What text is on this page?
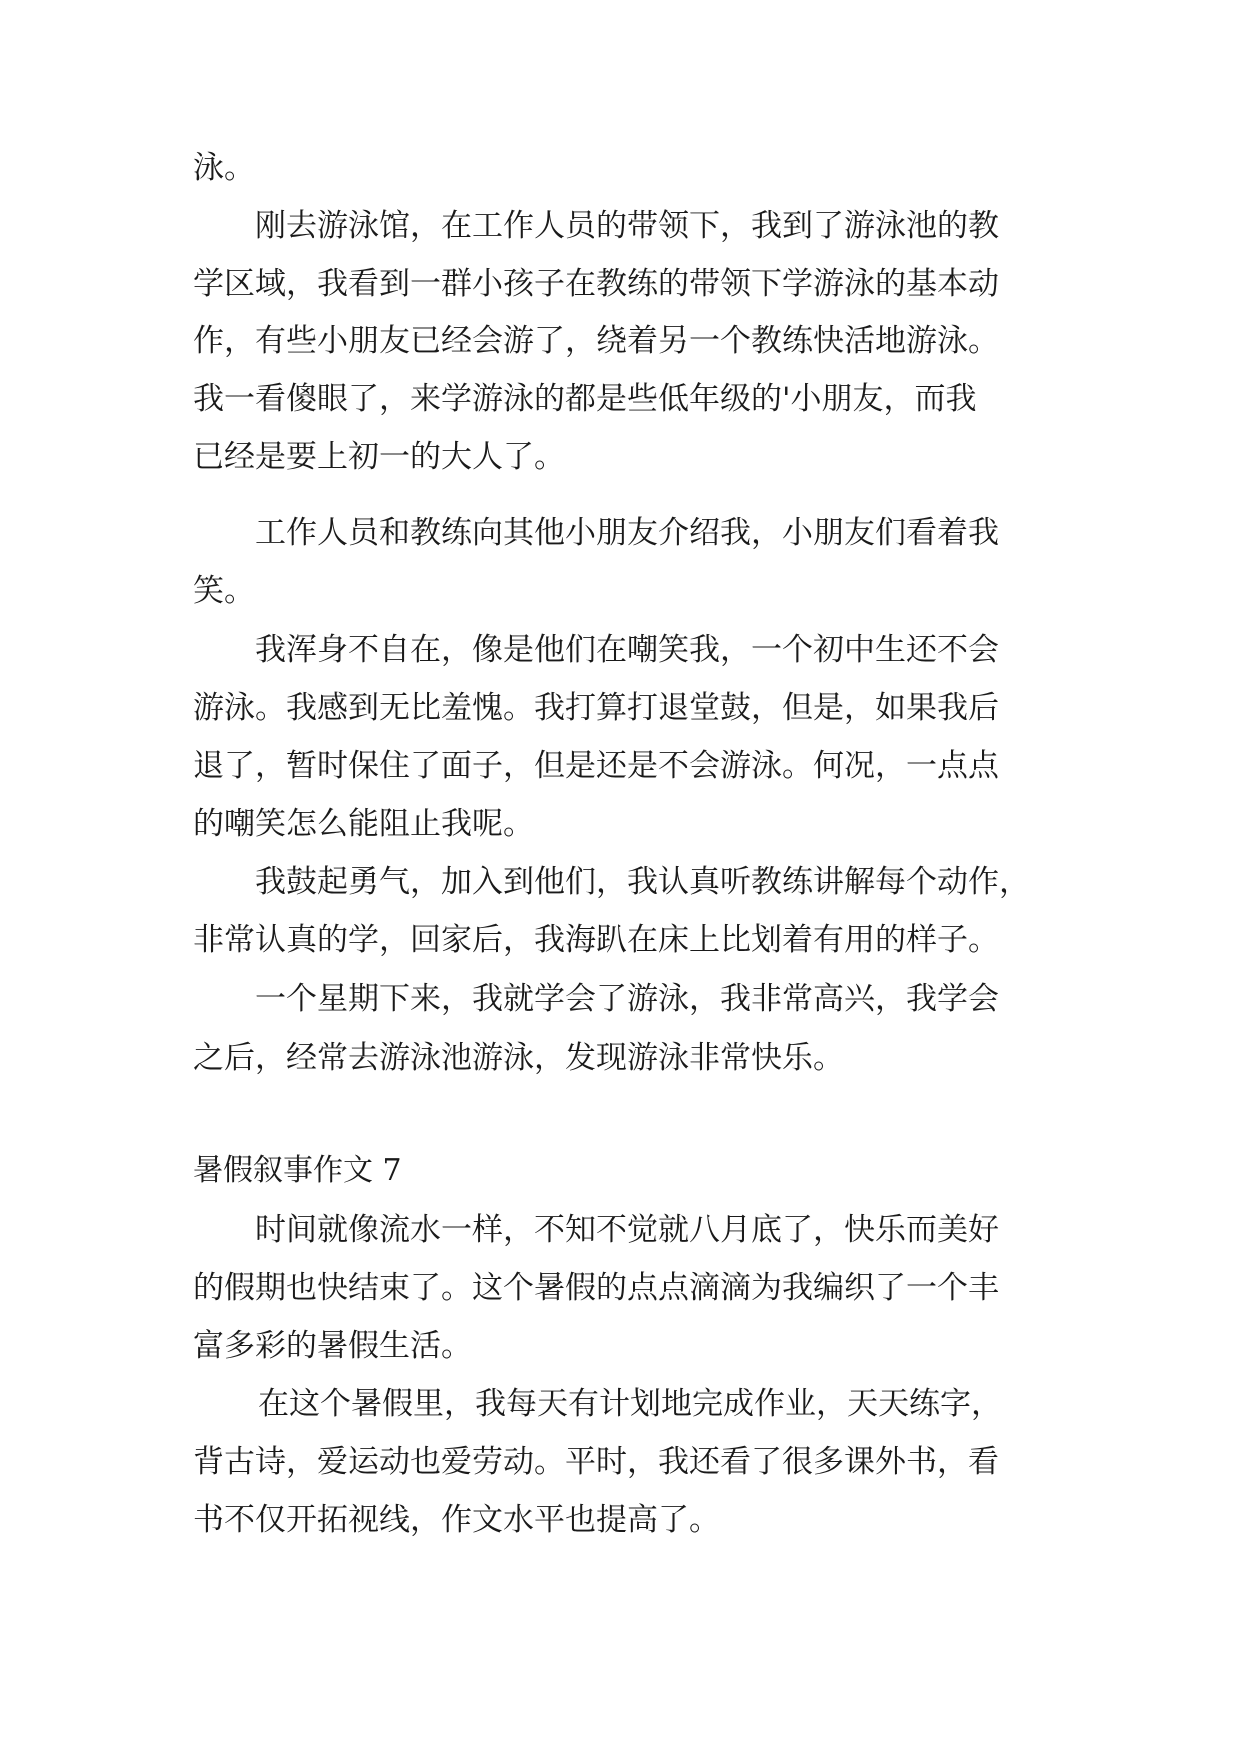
泳。
刚去游泳馆，在工作人员的带领下，我到了游泳池的教
学区域，我看到一群小孩子在教练的带领下学游泳的基本动
作，有些小朋友已经会游了，绕着另一个教练快活地游泳。
我一看傻眼了，来学游泳的都是些低年级的'小朋友，而我
已经是要上初一的大人了。
工作人员和教练向其他小朋友介绍我，小朋友们看着我
笑。
我浑身不自在，像是他们在嘲笑我，一个初中生还不会
游泳。我感到无比羞愧。我打算打退堂鼓，但是，如果我后
退了，暂时保住了面子，但是还是不会游泳。何况，一点点
的嘲笑怎么能阻止我呢。
我鼓起勇气，加入到他们，我认真听教练讲解每个动作，
非常认真的学，回家后，我海趴在床上比划着有用的样子。
一个星期下来，我就学会了游泳，我非常高兴，我学会
之后，经常去游泳池游泳，发现游泳非常快乐。
暑假叙事作文 7
时间就像流水一样，不知不觉就八月底了，快乐而美好
的假期也快结束了。这个暑假的点点滴滴为我编织了一个丰
富多彩的暑假生活。
在这个暑假里，我每天有计划地完成作业，天天练字，
背古诗，爱运动也爱劳动。平时，我还看了很多课外书，看
书不仅开拓视线，作文水平也提高了。
